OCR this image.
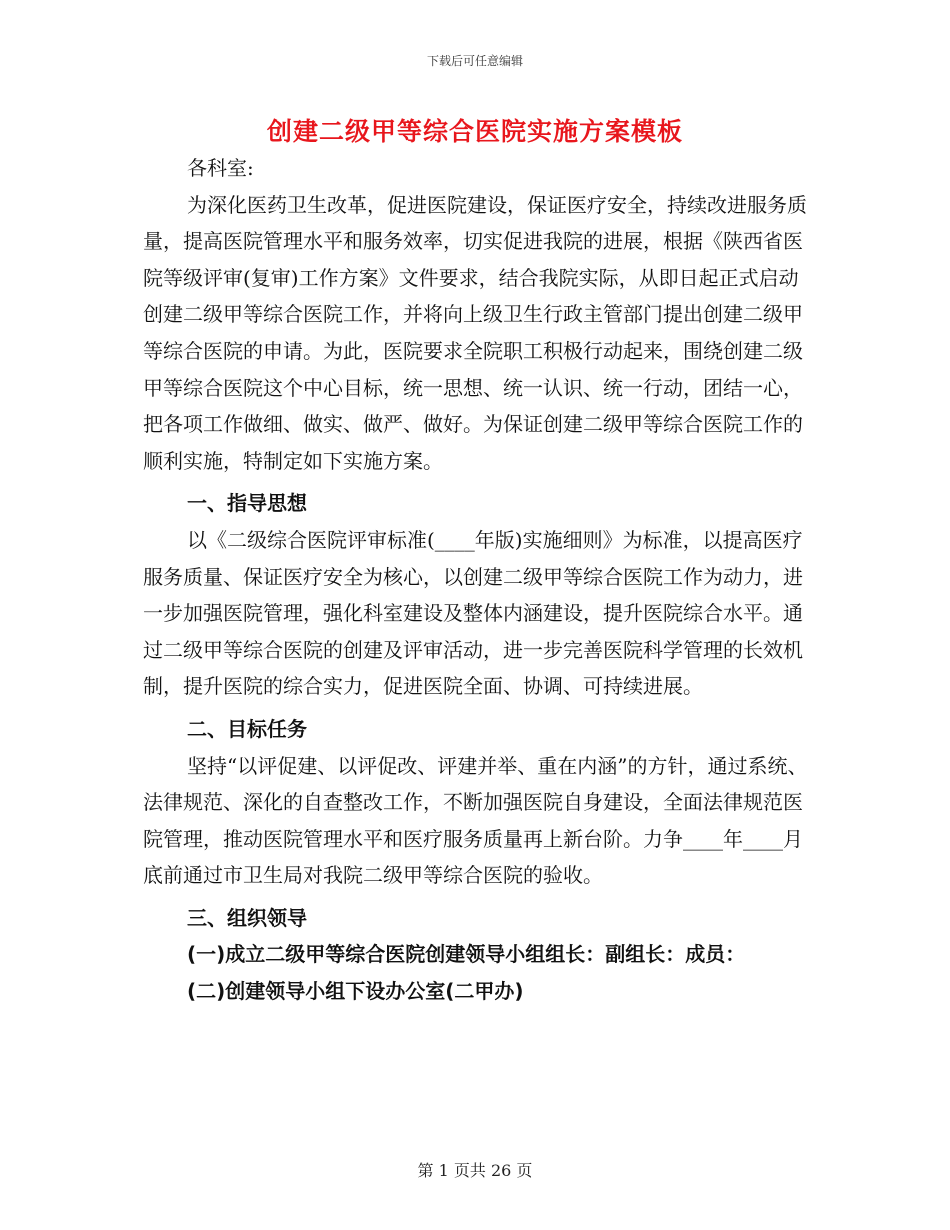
下载后可任意编辑
创建二级甲等综合医院实施方案模板

各科室:

为深化医药卫生改革，促进医院建设，保证医疗安全，持续改进服务质量，提高医院管理水平和服务效率，切实促进我院的进展，根据《陕西省医院等级评审(复审)工作方案》文件要求，结合我院实际，从即日起正式启动创建二级甲等综合医院工作，并将向上级卫生行政主管部门提出创建二级甲等综合医院的申请。为此，医院要求全院职工积极行动起来，围绕创建二级甲等综合医院这个中心目标，统一思想、统一认识、统一行动，团结一心，把各项工作做细、做实、做严、做好。为保证创建二级甲等综合医院工作的顺利实施，特制定如下实施方案。

一、指导思想

以《二级综合医院评审标准(____年版)实施细则》为标准，以提高医疗服务质量、保证医疗安全为核心，以创建二级甲等综合医院工作为动力，进一步加强医院管理，强化科室建设及整体内涵建设，提升医院综合水平。通过二级甲等综合医院的创建及评审活动，进一步完善医院科学管理的长效机制，提升医院的综合实力，促进医院全面、协调、可持续进展。

二、目标任务

坚持“以评促建、以评促改、评建并举、重在内涵”的方针，通过系统、法律规范、深化的自查整改工作，不断加强医院自身建设，全面法律规范医院管理，推动医院管理水平和医疗服务质量再上新台阶。力争____年____月底前通过市卫生局对我院二级甲等综合医院的验收。

三、组织领导

(一)成立二级甲等综合医院创建领导小组组长：副组长：成员：

(二)创建领导小组下设办公室(二甲办)

第 1 页共 26 页
